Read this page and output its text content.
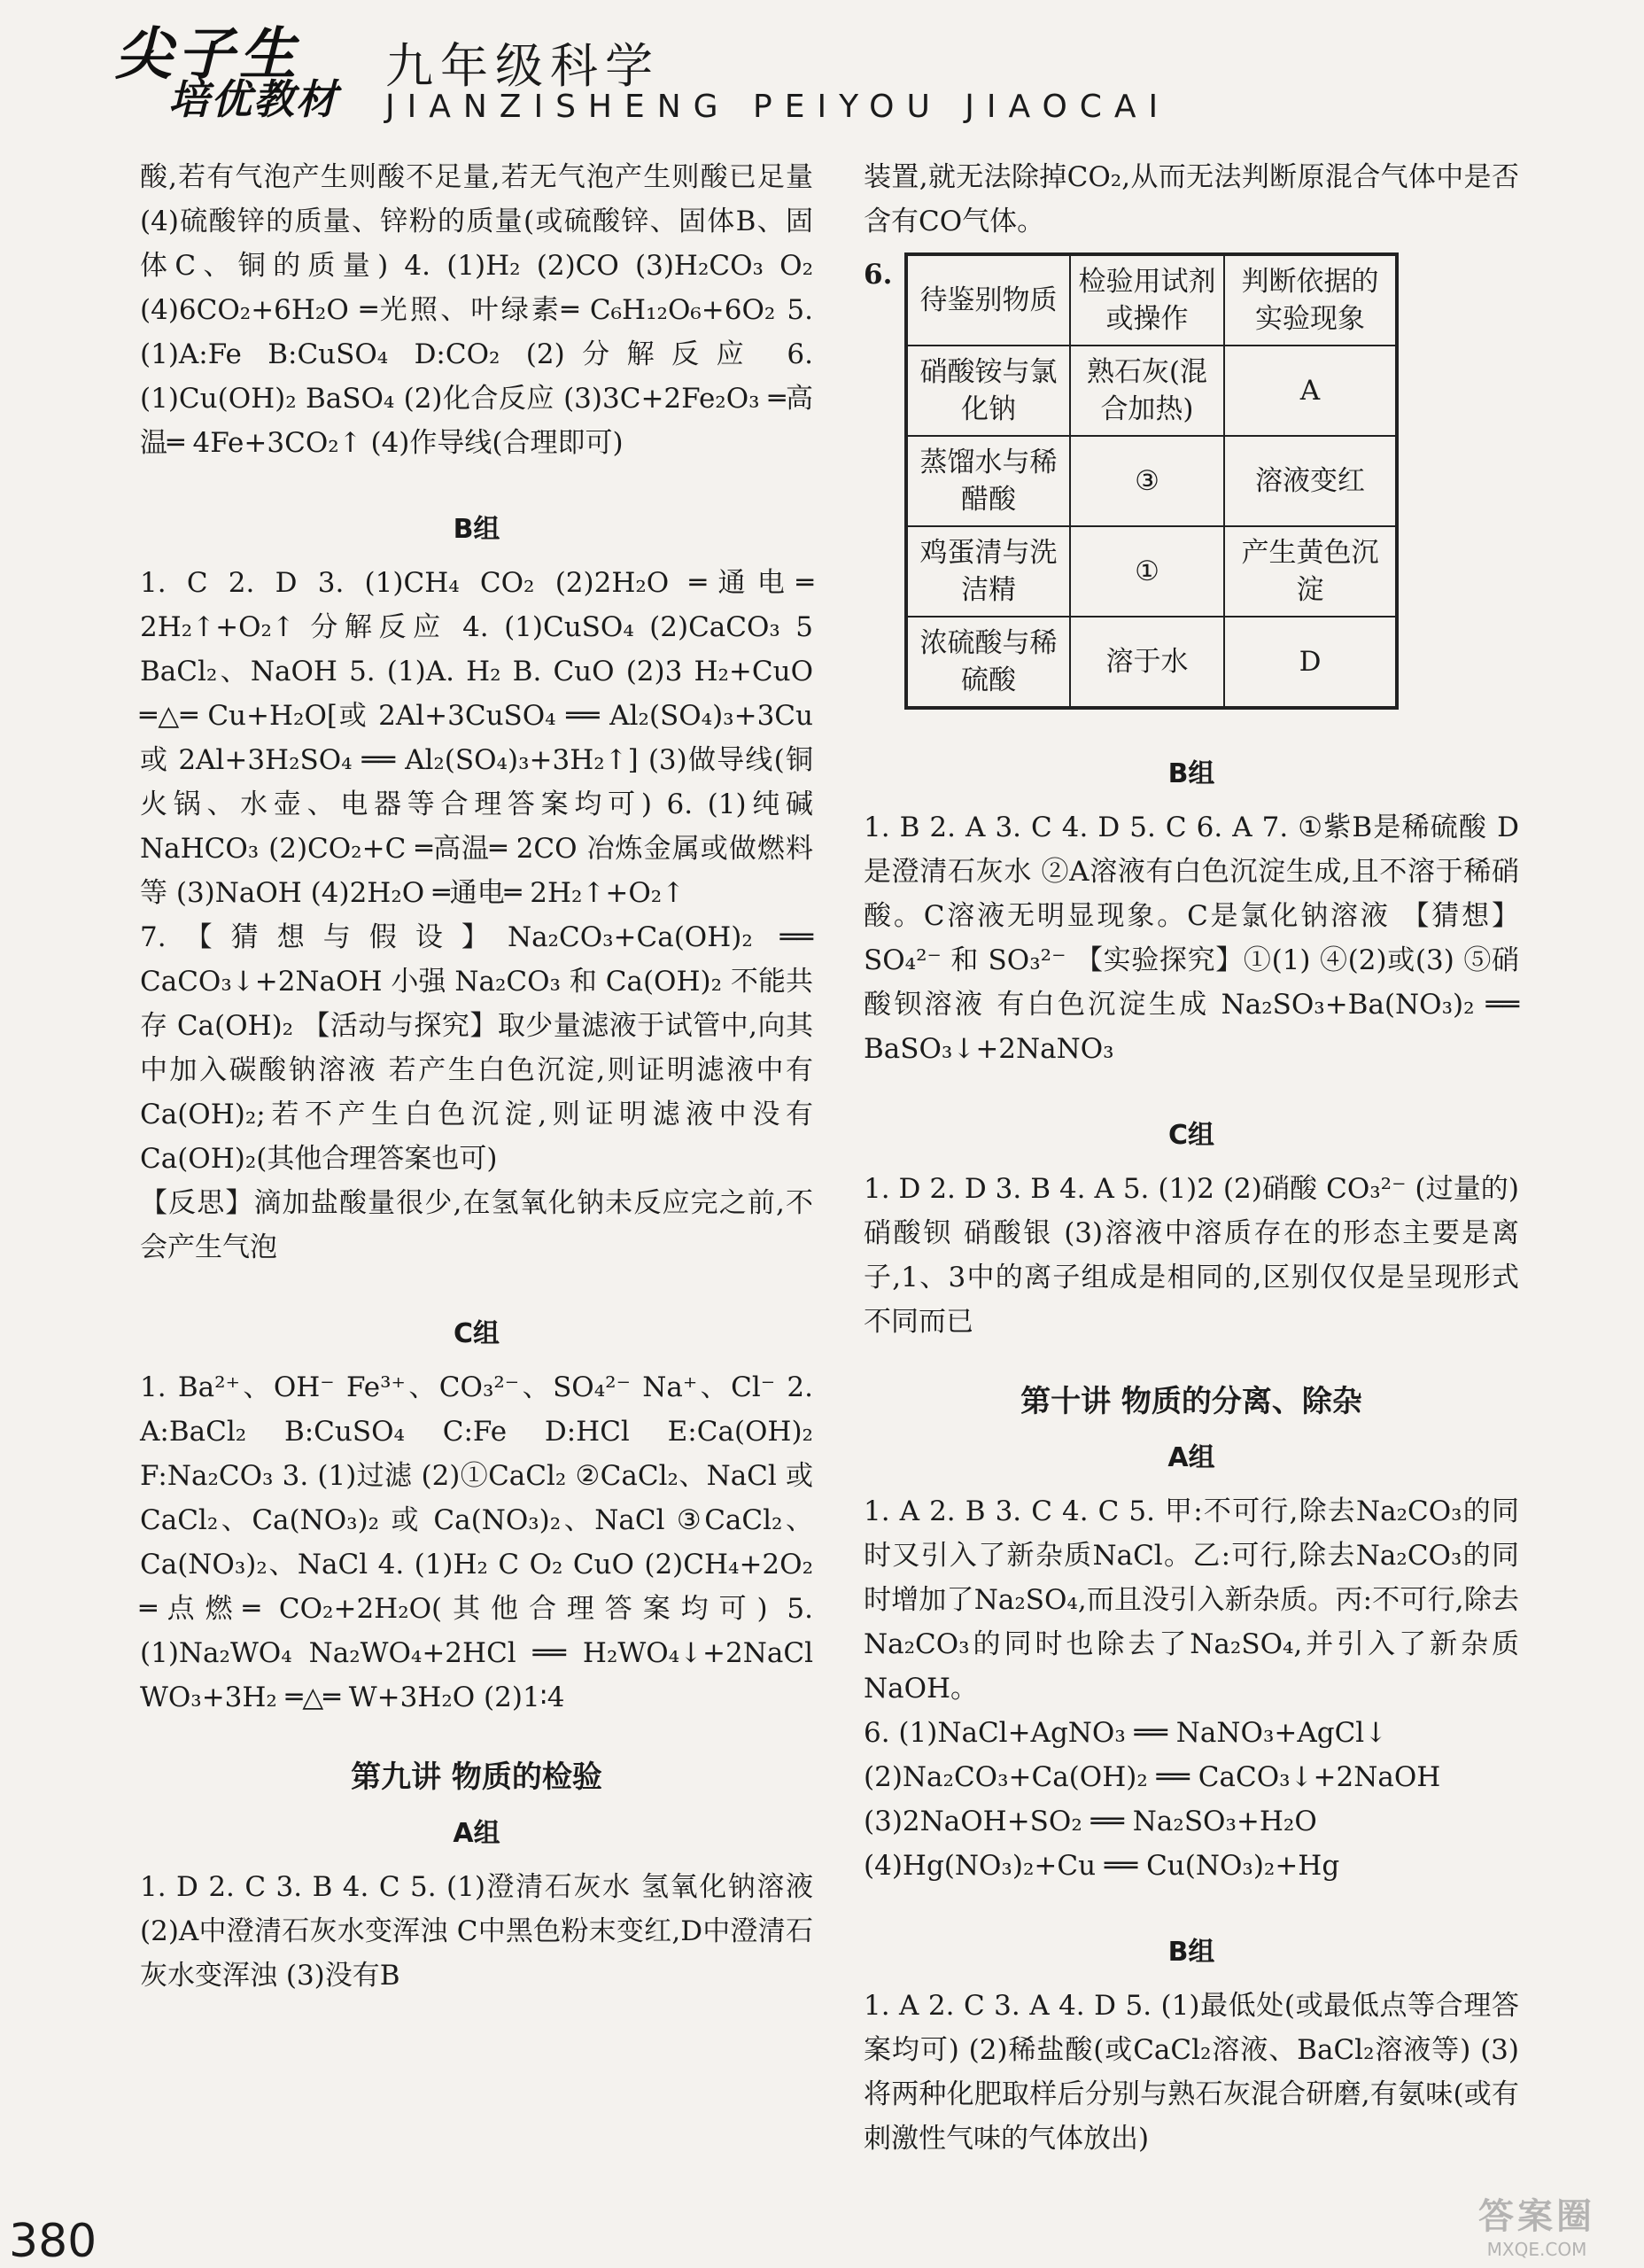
尖子生
培优教材
九年级科学
JIANZISHENG PEIYOU JIAOCAI

酸,若有气泡产生则酸不足量,若无气泡产生则酸已足量 (4)硫酸锌的质量、锌粉的质量(或硫酸锌、固体B、固体C、铜的质量) 4. (1)H₂ (2)CO (3)H₂CO₃ O₂ (4)6CO₂+6H₂O ═光照、叶绿素═ C₆H₁₂O₆+6O₂ 5. (1)A:Fe B:CuSO₄ D:CO₂ (2)分解反应 6. (1)Cu(OH)₂ BaSO₄ (2)化合反应 (3)3C+2Fe₂O₃ ═高温═ 4Fe+3CO₂↑ (4)作导线(合理即可)

B组

1. C 2. D 3. (1)CH₄ CO₂ (2)2H₂O ═通电═ 2H₂↑+O₂↑ 分解反应 4. (1)CuSO₄ (2)CaCO₃ 5 BaCl₂、NaOH 5. (1)A. H₂ B. CuO (2)3 H₂+CuO ═△═ Cu+H₂O[或 2Al+3CuSO₄ ══ Al₂(SO₄)₃+3Cu 或 2Al+3H₂SO₄ ══ Al₂(SO₄)₃+3H₂↑] (3)做导线(铜火锅、水壶、电器等合理答案均可) 6. (1)纯碱 NaHCO₃ (2)CO₂+C ═高温═ 2CO 冶炼金属或做燃料等 (3)NaOH (4)2H₂O ═通电═ 2H₂↑+O₂↑

7.【猜想与假设】Na₂CO₃+Ca(OH)₂ ══ CaCO₃↓+2NaOH 小强 Na₂CO₃ 和 Ca(OH)₂ 不能共存 Ca(OH)₂ 【活动与探究】取少量滤液于试管中,向其中加入碳酸钠溶液 若产生白色沉淀,则证明滤液中有 Ca(OH)₂;若不产生白色沉淀,则证明滤液中没有 Ca(OH)₂(其他合理答案也可)

【反思】滴加盐酸量很少,在氢氧化钠未反应完之前,不会产生气泡

C组

1. Ba²⁺、OH⁻ Fe³⁺、CO₃²⁻、SO₄²⁻ Na⁺、Cl⁻ 2. A:BaCl₂ B:CuSO₄ C:Fe D:HCl E:Ca(OH)₂ F:Na₂CO₃ 3. (1)过滤 (2)①CaCl₂ ②CaCl₂、NaCl 或 CaCl₂、Ca(NO₃)₂ 或 Ca(NO₃)₂、NaCl ③CaCl₂、Ca(NO₃)₂、NaCl 4. (1)H₂ C O₂ CuO (2)CH₄+2O₂ ═点燃═ CO₂+2H₂O(其他合理答案均可) 5. (1)Na₂WO₄ Na₂WO₄+2HCl ══ H₂WO₄↓+2NaCl WO₃+3H₂ ═△═ W+3H₂O (2)1∶4

第九讲 物质的检验
A组

1. D 2. C 3. B 4. C 5. (1)澄清石灰水 氢氧化钠溶液 (2)A中澄清石灰水变浑浊 C中黑色粉末变红,D中澄清石灰水变浑浊 (3)没有B

装置,就无法除掉CO₂,从而无法判断原混合气体中是否含有CO气体。

6.
待鉴别物质	检验用试剂或操作	判断依据的实验现象
硝酸铵与氯化钠	熟石灰(混合加热)	A
蒸馏水与稀醋酸	③	溶液变红
鸡蛋清与洗洁精	①	产生黄色沉淀
浓硫酸与稀硫酸	溶于水	D
B组

1. B 2. A 3. C 4. D 5. C 6. A 7. ①紫B是稀硫酸 D是澄清石灰水 ②A溶液有白色沉淀生成,且不溶于稀硝酸。C溶液无明显现象。C是氯化钠溶液 【猜想】SO₄²⁻ 和 SO₃²⁻ 【实验探究】①(1) ④(2)或(3) ⑤硝酸钡溶液 有白色沉淀生成 Na₂SO₃+Ba(NO₃)₂ ══ BaSO₃↓+2NaNO₃

C组

1. D 2. D 3. B 4. A 5. (1)2 (2)硝酸 CO₃²⁻ (过量的)硝酸钡 硝酸银 (3)溶液中溶质存在的形态主要是离子,1、3中的离子组成是相同的,区别仅仅是呈现形式不同而已

第十讲 物质的分离、除杂
A组

1. A 2. B 3. C 4. C 5. 甲:不可行,除去Na₂CO₃的同时又引入了新杂质NaCl。乙:可行,除去Na₂CO₃的同时增加了Na₂SO₄,而且没引入新杂质。丙:不可行,除去Na₂CO₃的同时也除去了Na₂SO₄,并引入了新杂质NaOH。

6. (1)NaCl+AgNO₃ ══ NaNO₃+AgCl↓

(2)Na₂CO₃+Ca(OH)₂ ══ CaCO₃↓+2NaOH

(3)2NaOH+SO₂ ══ Na₂SO₃+H₂O

(4)Hg(NO₃)₂+Cu ══ Cu(NO₃)₂+Hg

B组

1. A 2. C 3. A 4. D 5. (1)最低处(或最低点等合理答案均可) (2)稀盐酸(或CaCl₂溶液、BaCl₂溶液等) (3)将两种化肥取样后分别与熟石灰混合研磨,有氨味(或有刺激性气味的气体放出)

380	答案圈
MXQE.COM
